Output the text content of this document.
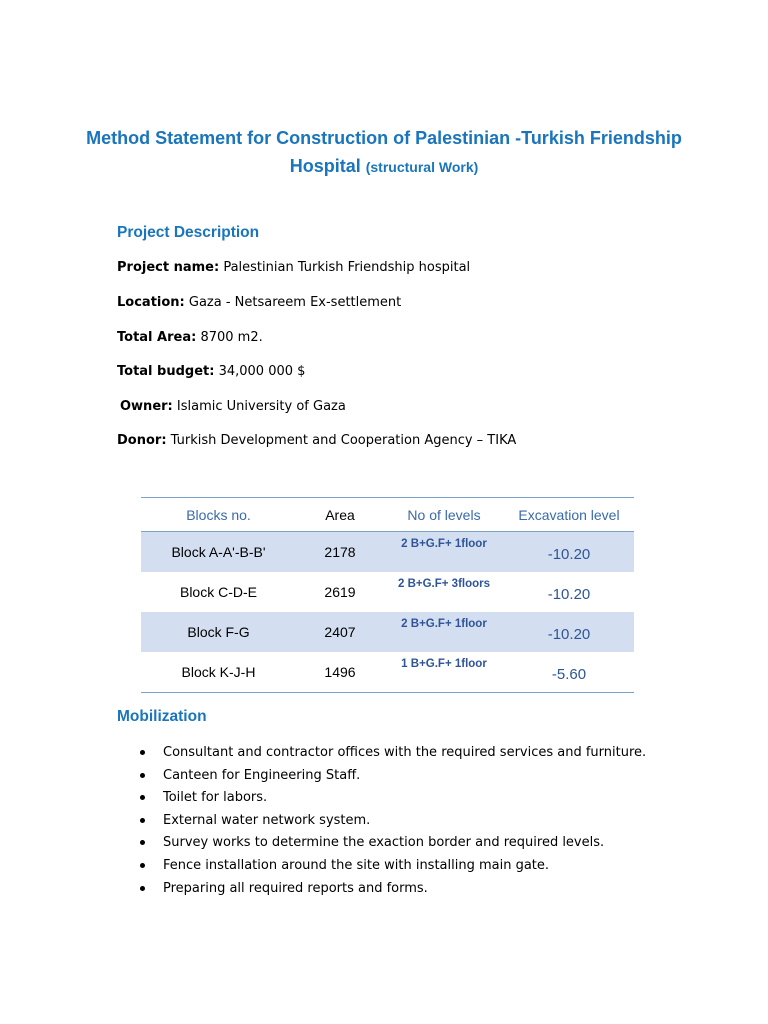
Method Statement for Construction of Palestinian -Turkish Friendship Hospital (structural Work)
Project Description
Project name: Palestinian Turkish Friendship hospital
Location: Gaza - Netsareem Ex-settlement
Total Area: 8700 m2.
Total budget: 34,000 000 $
Owner: Islamic University of Gaza
Donor: Turkish Development and Cooperation Agency – TIKA
Blocks no.	Area	No of levels	Excavation level
Block A-A'-B-B'	2178	2 B+G.F+ 1floor	-10.20
Block C-D-E	2619	2 B+G.F+ 3floors	-10.20
Block F-G	2407	2 B+G.F+ 1floor	-10.20
Block K-J-H	1496	1 B+G.F+ 1floor	-5.60
Mobilization
Consultant and contractor offices with the required services and furniture.
Canteen for Engineering Staff.
Toilet for labors.
External water network system.
Survey works to determine the exaction border and required levels.
Fence installation around the site with installing main gate.
Preparing all required reports and forms.
